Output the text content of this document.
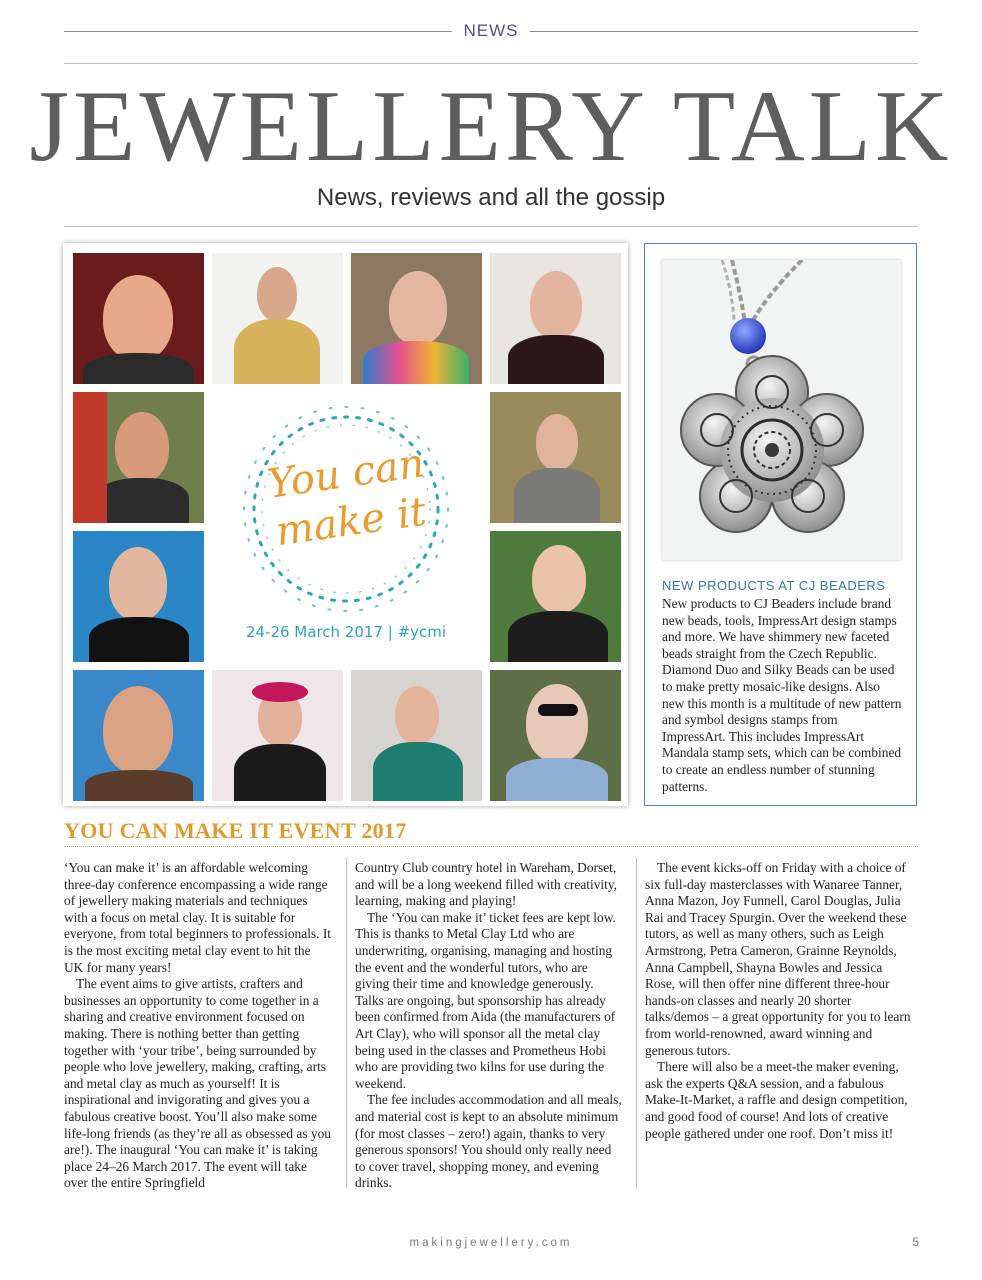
NEWS
JEWELLERY TALK
News, reviews and all the gossip
You can
make it
24-26 March 2017 | #ycmi
NEW PRODUCTS AT CJ BEADERS
New products to CJ Beaders include brand new beads, tools, ImpressArt design stamps and more. We have shimmery new faceted beads straight from the Czech Republic. Diamond Duo and Silky Beads can be used to make pretty mosaic-like designs. Also new this month is a multitude of new pattern and symbol designs stamps from ImpressArt. This includes ImpressArt Mandala stamp sets, which can be combined to create an endless number of stunning patterns.
YOU CAN MAKE IT EVENT 2017

‘You can make it’ is an affordable welcoming three-day conference encompassing a wide range of jewellery making materials and techniques with a focus on metal clay. It is suitable for everyone, from total beginners to professionals. It is the most exciting metal clay event to hit the UK for many years!

The event aims to give artists, crafters and businesses an opportunity to come together in a sharing and creative environment focused on making. There is nothing better than getting together with ‘your tribe’, being surrounded by people who love jewellery, making, crafting, arts and metal clay as much as yourself! It is inspirational and invigorating and gives you a fabulous creative boost. You’ll also make some life-long friends (as they’re all as obsessed as you are!). The inaugural ‘You can make it’ is taking place 24–26 March 2017. The event will take over the entire Springfield

Country Club country hotel in Wareham, Dorset, and will be a long weekend filled with creativity, learning, making and playing!

The ‘You can make it’ ticket fees are kept low. This is thanks to Metal Clay Ltd who are underwriting, organising, managing and hosting the event and the wonderful tutors, who are giving their time and knowledge generously. Talks are ongoing, but sponsorship has already been confirmed from Aida (the manufacturers of Art Clay), who will sponsor all the metal clay being used in the classes and Prometheus Hobi who are providing two kilns for use during the weekend.

The fee includes accommodation and all meals, and material cost is kept to an absolute minimum (for most classes – zero!) again, thanks to very generous sponsors! You should only really need to cover travel, shopping money, and evening drinks.

The event kicks-off on Friday with a choice of six full-day masterclasses with Wanaree Tanner, Anna Mazon, Joy Funnell, Carol Douglas, Julia Rai and Tracey Spurgin. Over the weekend these tutors, as well as many others, such as Leigh Armstrong, Petra Cameron, Grainne Reynolds, Anna Campbell, Shayna Bowles and Jessica Rose, will then offer nine different three-hour hands-on classes and nearly 20 shorter talks/demos – a great opportunity for you to learn from world-renowned, award winning and generous tutors.

There will also be a meet-the maker evening, ask the experts Q&A session, and a fabulous Make-It-Market, a raffle and design competition, and good food of course! And lots of creative people gathered under one roof. Don’t miss it!

makingjewellery.com	5
